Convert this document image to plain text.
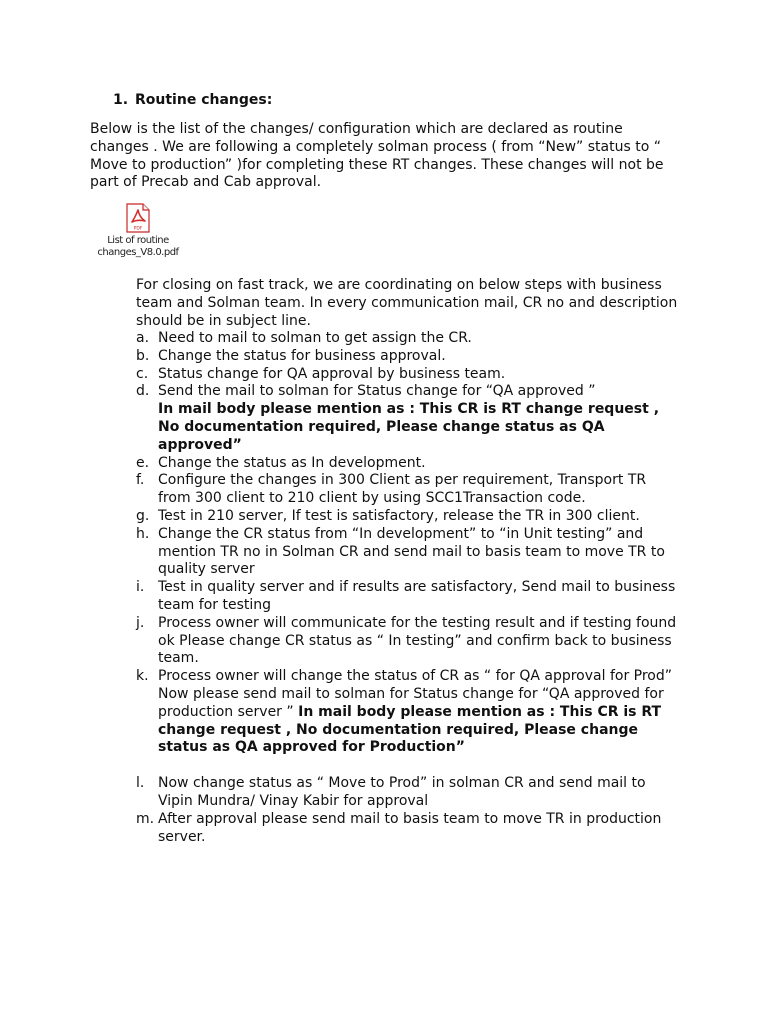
1. Routine changes:
Below is the list of the changes/ configuration which are declared as routine changes . We are following a completely solman process ( from “New” status to “ Move to production” )for completing these RT changes. These changes will not be part of Precab and Cab approval.
PDF
List of routine changes_V8.0.pdf
For closing on fast track, we are coordinating on below steps with business team and Solman team. In every communication mail, CR no and description should be in subject line.
a. Need to mail to solman to get assign the CR.
b. Change the status for business approval.
c. Status change for QA approval by business team.
d. Send the mail to solman for Status change for “QA approved ”
In mail body please mention as : This CR is RT change request , No documentation required, Please change status as QA approved”
e. Change the status as In development.
f. Configure the changes in 300 Client as per requirement, Transport TR from 300 client to 210 client by using SCC1Transaction code.
g. Test in 210 server, If test is satisfactory, release the TR in 300 client.
h. Change the CR status from “In development” to “in Unit testing” and mention TR no in Solman CR and send mail to basis team to move TR to quality server
i. Test in quality server and if results are satisfactory, Send mail to business team for testing
j. Process owner will communicate for the testing result and if testing found ok Please change CR status as “ In testing” and confirm back to business team.
k. Process owner will change the status of CR as “ for QA approval for Prod” Now please send mail to solman for Status change for “QA approved for production server ” In mail body please mention as : This CR is RT change request , No documentation required, Please change status as QA approved for Production”
l. Now change status as “ Move to Prod” in solman CR and send mail to Vipin Mundra/ Vinay Kabir for approval
m. After approval please send mail to basis team to move TR in production server.
